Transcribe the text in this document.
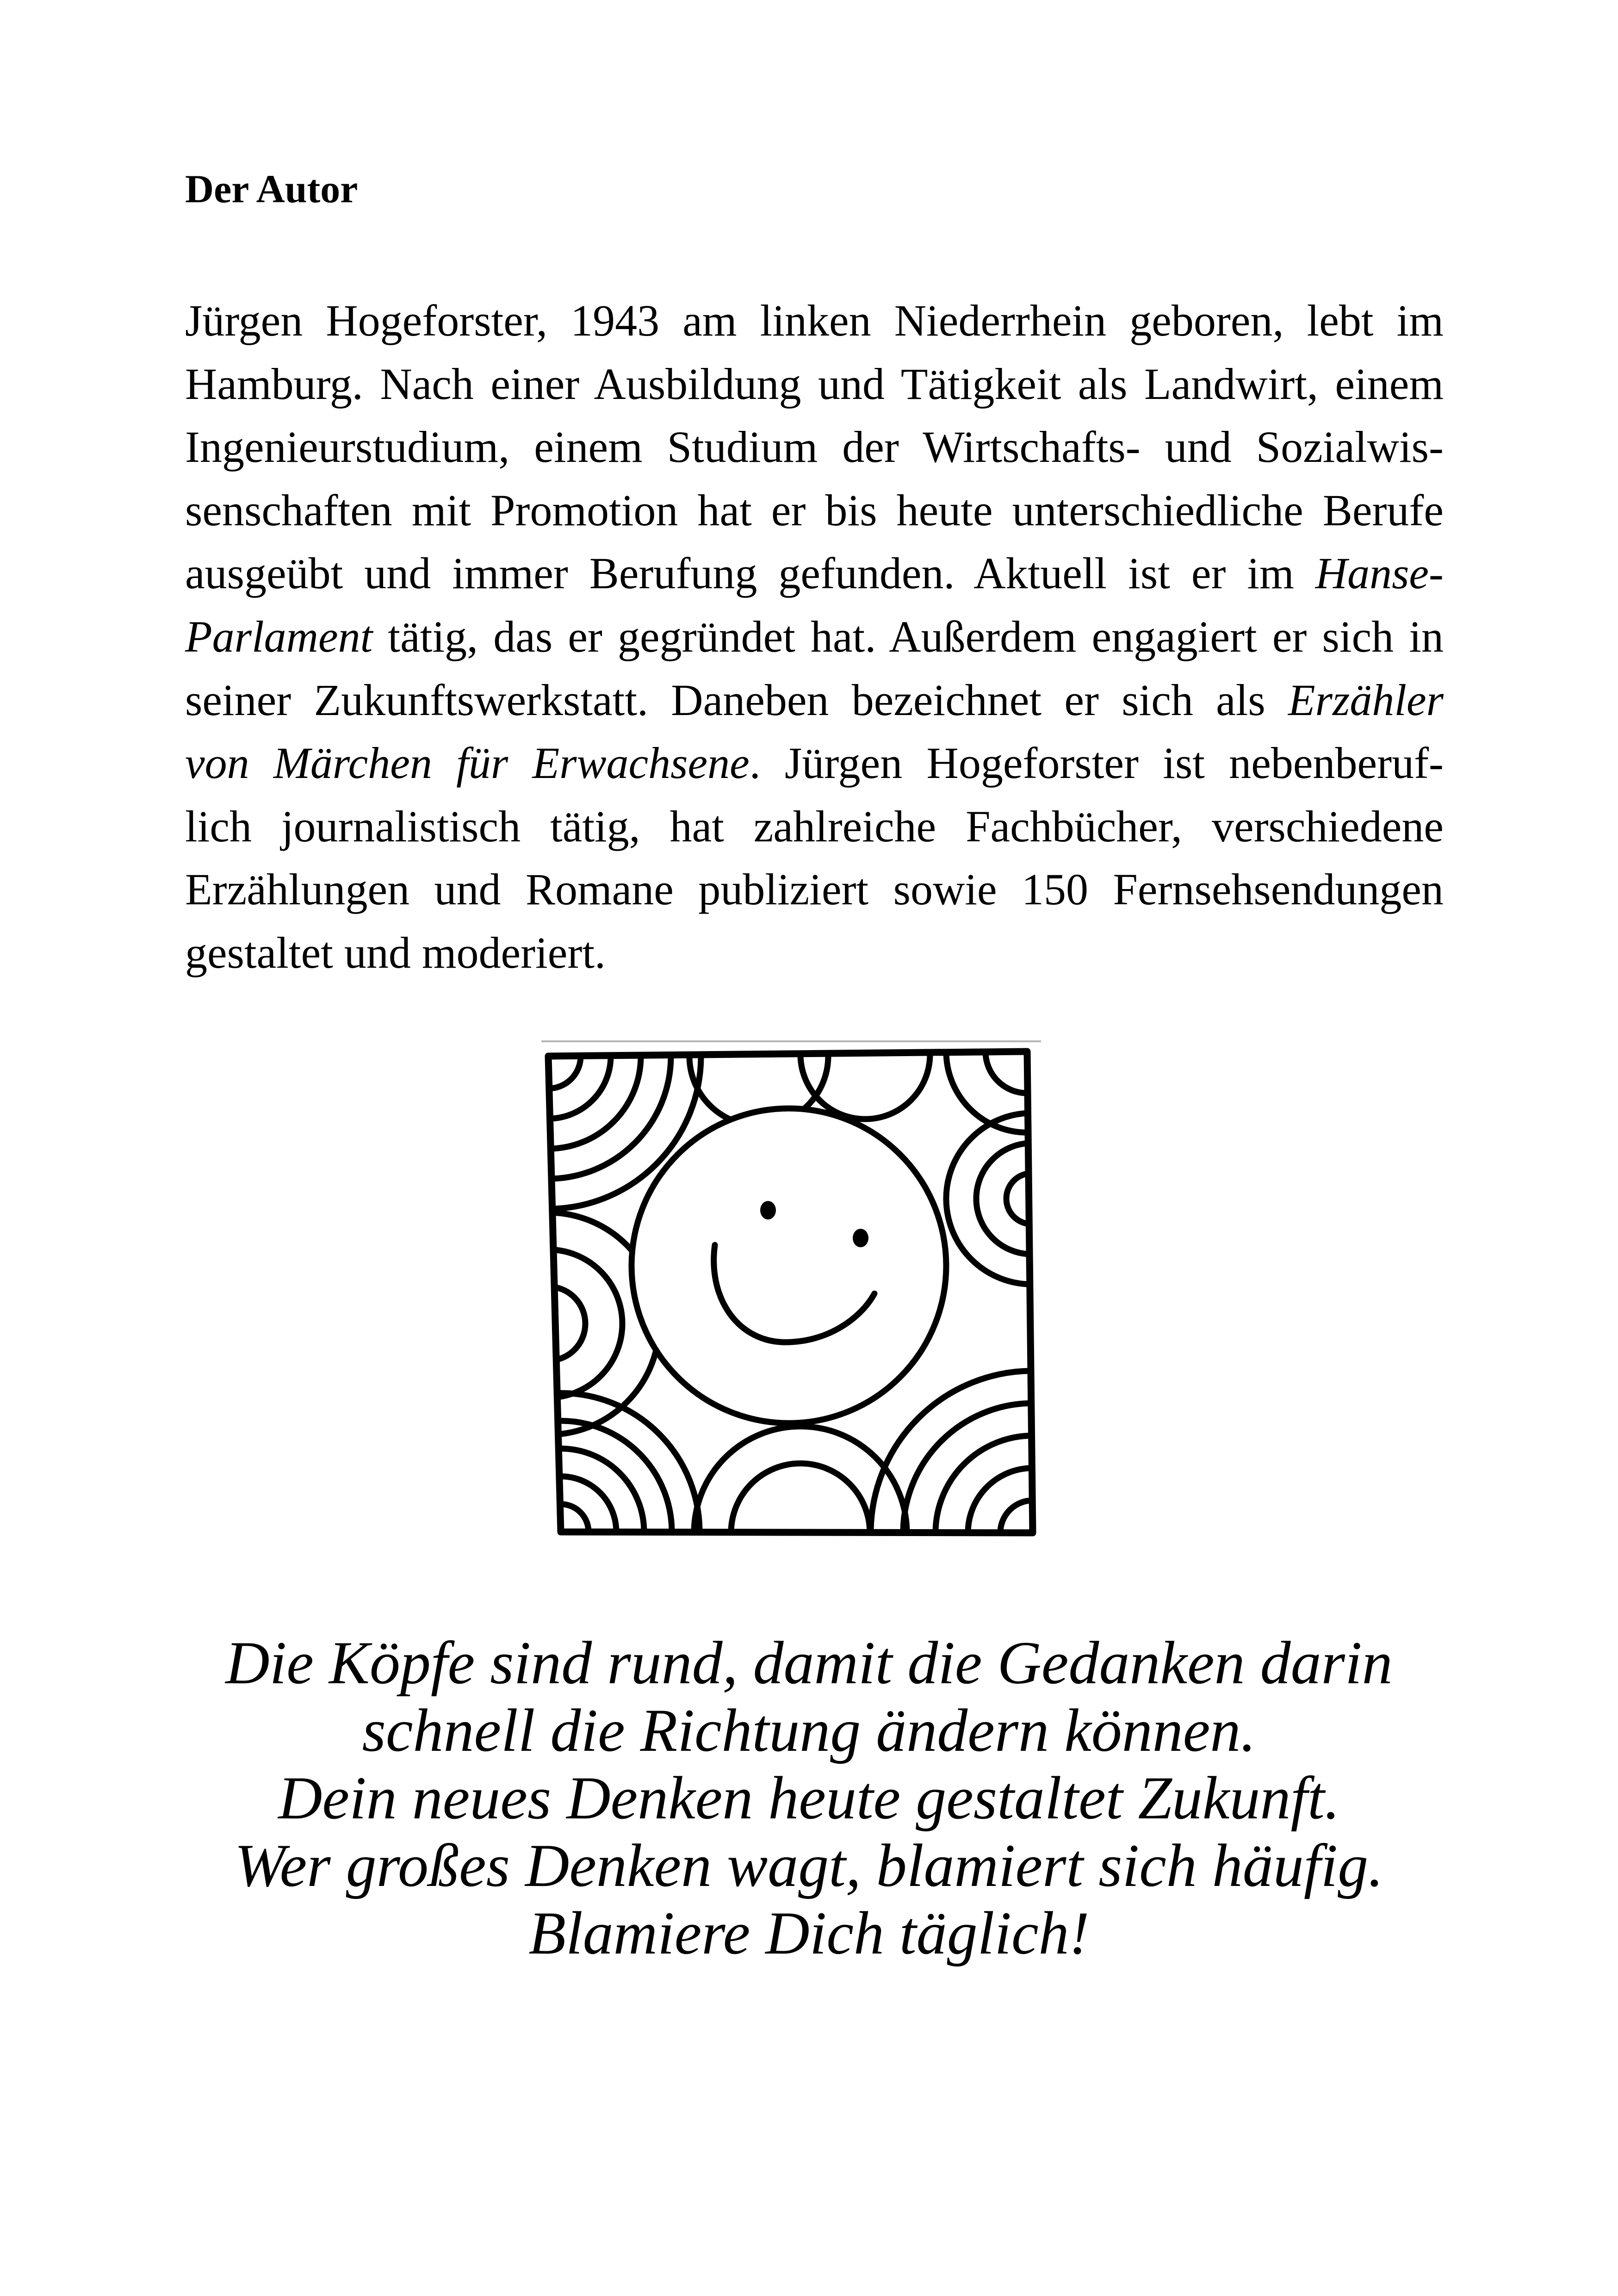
Der Autor
Jürgen Hogeforster, 1943 am linken Niederrhein geboren, lebt im
Hamburg. Nach einer Ausbildung und Tätigkeit als Landwirt, einem
Ingenieurstudium, einem Studium der Wirtschafts- und Sozialwis-
senschaften mit Promotion hat er bis heute unterschiedliche Berufe
ausgeübt und immer Berufung gefunden. Aktuell ist er im Hanse-
Parlament tätig, das er gegründet hat. Außerdem engagiert er sich in
seiner Zukunftswerkstatt. Daneben bezeichnet er sich als Erzähler
von Märchen für Erwachsene. Jürgen Hogeforster ist nebenberuf-
lich journalistisch tätig, hat zahlreiche Fachbücher, verschiedene
Erzählungen und Romane publiziert sowie 150 Fernsehsendungen
gestaltet und moderiert.
Die Köpfe sind rund, damit die Gedanken darin
schnell die Richtung ändern können.
Dein neues Denken heute gestaltet Zukunft.
Wer großes Denken wagt, blamiert sich häufig.
Blamiere Dich täglich!
